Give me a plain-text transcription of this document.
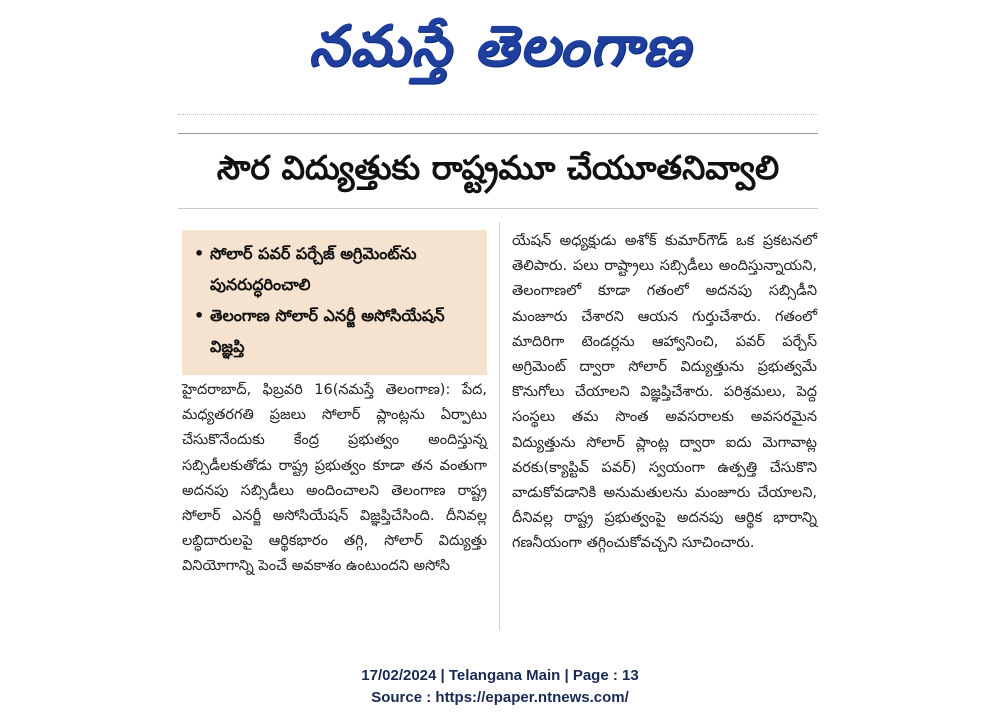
నమస్తే తెలంగాణ
సౌర విద్యుత్తుకు రాష్ట్రమూ చేయూతనివ్వాలి
• సోలార్ పవర్ పర్చేజ్ అగ్రిమెంట్‌ను పునరుద్ధరించాలి
• తెలంగాణ సోలార్ ఎనర్జీ అసోసియేషన్ విజ్ఞప్తి
హైదరాబాద్, ఫిబ్రవరి 16(నమస్తే తెలంగాణ): పేద, మధ్యతరగతి ప్రజలు సోలార్ ప్లాంట్లను ఏర్పాటు చేసుకొనేందుకు కేంద్ర ప్రభుత్వం అందిస్తున్న సబ్సిడీలకుతోడు రాష్ట్ర ప్రభుత్వం కూడా తన వంతుగా అదనపు సబ్సిడీలు అందించాలని తెలంగాణ రాష్ట్ర సోలార్ ఎనర్జీ అసోసియేషన్ విజ్ఞప్తిచేసింది. దీనివల్ల లబ్ధిదారులపై ఆర్థికభారం తగ్గి, సోలార్ విద్యుత్తు వినియోగాన్ని పెంచే అవకాశం ఉంటుందని అసోసి
యేషన్ అధ్యక్షుడు అశోక్ కుమార్‌గౌడ్ ఒక ప్రకటనలో తెలిపారు. పలు రాష్ట్రాలు సబ్సిడీలు అందిస్తున్నాయని, తెలంగాణలో కూడా గతంలో అదనపు సబ్సిడీని మంజూరు చేశారని ఆయన గుర్తుచేశారు. గతంలో మాదిరిగా టెండర్లను ఆహ్వానించి, పవర్ పర్చేస్ అగ్రిమెంట్ ద్వారా సోలార్ విద్యుత్తును ప్రభుత్వమే కొనుగోలు చేయాలని విజ్ఞప్తిచేశారు. పరిశ్రమలు, పెద్ద సంస్థలు తమ సొంత అవసరాలకు అవసరమైన విద్యుత్తును సోలార్ ప్లాంట్ల ద్వారా ఐదు మెగావాట్ల వరకు(క్యాప్టివ్ పవర్) స్వయంగా ఉత్పత్తి చేసుకొని వాడుకోవడానికి అనుమతులను మంజూరు చేయాలని, దీనివల్ల రాష్ట్ర ప్రభుత్వంపై అదనపు ఆర్థిక భారాన్ని గణనీయంగా తగ్గించుకోవచ్చని సూచించారు.
17/02/2024 | Telangana Main | Page : 13
Source : https://epaper.ntnews.com/
